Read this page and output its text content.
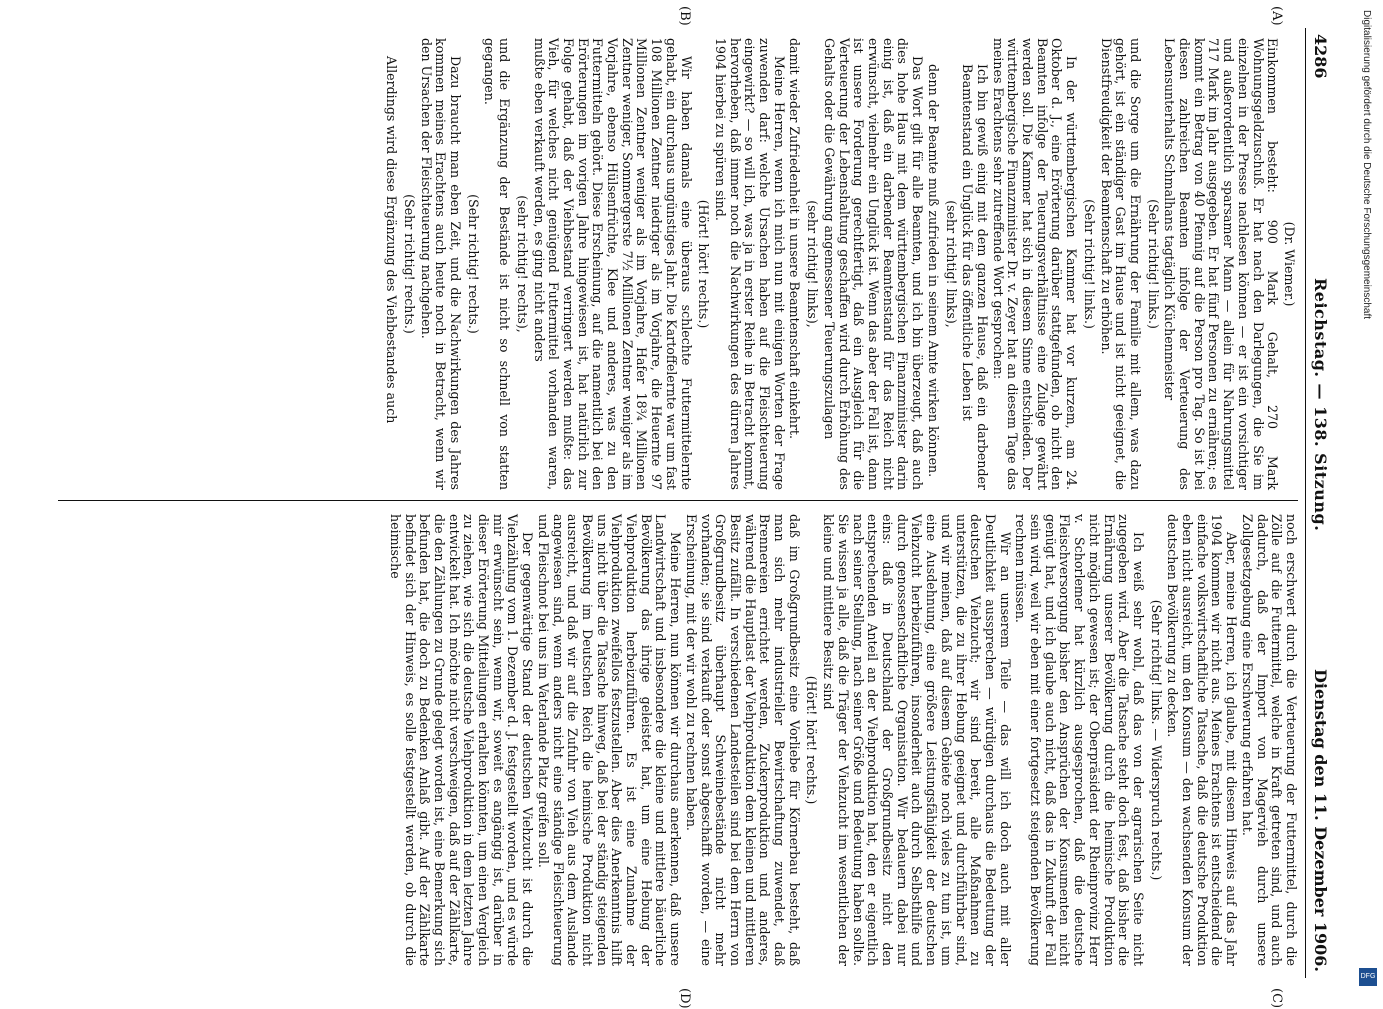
4286
Reichstag. — 138. Sitzung.
Dienstag den 11. Dezember 1906.
(A)
(B)
(C)
(D)

(Dr. Wiemer.)

Einkommen besteht: 900 Mark Gehalt, 270 Mark Wohnungsgeldzuschuß. Er hat nach den Darlegungen, die Sie im einzelnen in der Presse nachlesen können — er ist ein vorsichtiger und außerordentlich sparsamer Mann — allein für Nahrungsmittel 717 Mark im Jahr ausgegeben. Er hat fünf Personen zu ernähren; es kommt ein Betrag von 40 Pfennig auf die Person pro Tag. So ist bei diesen zahlreichen Beamten infolge der Verteuerung des Lebensunterhalts Schmalhans tagtäglich Küchenmeister

(Sehr richtig! links.)

und die Sorge um die Ernährung der Familie mit allem, was dazu gehört, ist ein ständiger Gast im Hause und ist nicht geeignet, die Dienstfreudigkeit der Beamtenschaft zu erhöhen.

(Sehr richtig! links.)

In der württembergischen Kammer hat vor kurzem, am 24. Oktober d. J., eine Erörterung darüber stattgefunden, ob nicht den Beamten infolge der Teuerungsverhältnisse eine Zulage gewährt werden soll. Die Kammer hat sich in diesem Sinne entschieden. Der württembergische Finanzminister Dr. v. Zeyer hat an diesem Tage das meines Erachtens sehr zutreffende Wort gesprochen:

Ich bin gewiß einig mit dem ganzen Hause, daß ein darbender Beamtenstand ein Unglück für das öffentliche Leben ist

(sehr richtig! links),

denn der Beamte muß zufrieden in seinem Amte wirken können.

Das Wort gilt für alle Beamten, und ich bin überzeugt, daß auch dies hohe Haus mit dem württembergischen Finanzminister darin einig ist, daß ein darbender Beamtenstand für das Reich nicht erwünscht, vielmehr ein Unglück ist. Wenn das aber der Fall ist, dann ist unsere Forderung gerechtfertigt, daß ein Ausgleich für die Verteuerung der Lebenshaltung geschaffen wird durch Erhöhung des Gehalts oder die Gewährung angemessener Teuerungszulagen

(sehr richtig! links),

damit wieder Zufriedenheit in unsere Beamtenschaft einkehrt.

Meine Herren, wenn ich mich nun mit einigen Worten der Frage zuwenden darf: welche Ursachen haben auf die Fleischteuerung eingewirkt? — so will ich, was ja in erster Reihe in Betracht kommt, hervorheben, daß immer noch die Nachwirkungen des dürren Jahres 1904 hierbei zu spüren sind.

(Hört! hört! rechts.)

Wir haben damals eine überaus schlechte Futtermittelernte gehabt, ein durchaus ungünstiges Jahr. Die Kartoffelernte war um fast 108 Millionen Zentner niedriger als im Vorjahre, die Heuernte 97 Millionen Zentner weniger als im Vorjahre, Hafer 18¾ Millionen Zentner weniger, Sommergerste 7½ Millionen Zentner weniger als im Vorjahre, ebenso Hülsenfrüchte, Klee und anderes, was zu den Futtermitteln gehört. Diese Erscheinung, auf die namentlich bei den Erörterungen im vorigen Jahre hingewiesen ist, hat natürlich zur Folge gehabt, daß der Viehbestand verringert werden mußte: das Vieh, für welches nicht genügend Futtermittel vorhanden waren, mußte eben verkauft werden, es ging nicht anders

(sehr richtig! rechts),

und die Ergänzung der Bestände ist nicht so schnell von statten gegangen.

(Sehr richtig! rechts.)

Dazu braucht man eben Zeit, und die Nachwirkungen des Jahres kommen meines Erachtens auch heute noch in Betracht, wenn wir den Ursachen der Fleischteuerung nachgehen.

(Sehr richtig! rechts.)

Allerdings wird diese Ergänzung des Viehbestandes auch

noch erschwert durch die Verteuerung der Futtermittel, durch die Zölle auf die Futtermittel, welche in Kraft getreten sind, und auch dadurch, daß der Import von Magervieh durch unsere Zollgesetzgebung eine Erschwerung erfahren hat.

Aber, meine Herren, ich glaube, mit diesem Hinweis auf das Jahr 1904 kommen wir nicht aus. Meines Erachtens ist entscheidend die einfache volkswirtschaftliche Tatsache, daß die deutsche Produktion eben nicht ausreicht, um den Konsum — den wachsenden Konsum der deutschen Bevölkerung zu decken.

(Sehr richtig! links. — Widerspruch rechts.)

Ich weiß sehr wohl, daß das von der agrarischen Seite nicht zugegeben wird. Aber die Tatsache steht doch fest, daß bisher die Ernährung unserer Bevölkerung durch die heimische Produktion nicht möglich gewesen ist; der Oberpräsident der Rheinprovinz Herr v. Schorlemer hat kürzlich ausgesprochen, daß die deutsche Fleischversorgung bisher den Ansprüchen der Konsumenten nicht genügt hat, und ich glaube auch nicht, daß das in Zukunft der Fall sein wird, weil wir eben mit einer fortgesetzt steigenden Bevölkerung rechnen müssen.

Wir an unserem Teile — das will ich doch auch mit aller Deutlichkeit aussprechen — würdigen durchaus die Bedeutung der deutschen Viehzucht; wir sind bereit, alle Maßnahmen zu unterstützen, die zu ihrer Hebung geeignet und durchführbar sind, und wir meinen, daß auf diesem Gebiete noch vieles zu tun ist, um eine Ausdehnung, eine größere Leistungsfähigkeit der deutschen Viehzucht herbeizuführen, insonderheit auch durch Selbsthilfe und durch genossenschaftliche Organisation. Wir bedauern dabei nur eins: daß in Deutschland der Großgrundbesitz nicht den entsprechenden Anteil an der Viehproduktion hat, den er eigentlich nach seiner Stellung, nach seiner Größe und Bedeutung haben sollte. Sie wissen ja alle, daß die Träger der Viehzucht im wesentlichen der kleine und mittlere Besitz sind

(Hört! hört! rechts.)

daß im Großgrundbesitz eine Vorliebe für Körnerbau besteht, daß man sich mehr industrieller Bewirtschaftung zuwendet, daß Brennereien errichtet werden, Zuckerproduktion und anderes, während die Hauptlast der Viehproduktion dem kleinen und mittleren Besitz zufällt. In verschiedenen Landesteilen sind bei dem Herrn von Großgrundbesitz überhaupt Schweinebestände nicht mehr vorhanden; sie sind verkauft oder sonst abgeschafft worden, — eine Erscheinung, mit der wir wohl zu rechnen haben.

Meine Herren, nun können wir durchaus anerkennen, daß unsere Landwirtschaft und insbesondere die kleine und mittlere bäuerliche Bevölkerung das ihrige geleistet hat, um eine Hebung der Viehproduktion herbeizuführen. Es ist eine Zunahme der Viehproduktion zweifellos festzustellen. Aber dies Anerkenntnis hilft uns nicht über die Tatsache hinweg, daß bei der ständig steigenden Bevölkerung im Deutschen Reich die heimische Produktion nicht ausreicht, und daß wir auf die Zufuhr von Vieh aus dem Auslande angewiesen sind, wenn anders nicht eine ständige Fleischteuerung und Fleischnot bei uns im Vaterlande Platz greifen soll.

Der gegenwärtige Stand der deutschen Viehzucht ist durch die Viehzählung vom 1. Dezember d. J. festgestellt worden, und es würde mir erwünscht sein, wenn wir, soweit es angängig ist, darüber in dieser Erörterung Mitteilungen erhalten könnten, um einen Vergleich zu ziehen, wie sich die deutsche Viehproduktion in dem letzten Jahre entwickelt hat. Ich möchte nicht verschweigen, daß auf der Zählkarte, die den Zählungen zu Grunde gelegt worden ist, eine Bemerkung sich befunden hat, die doch zu Bedenken Anlaß gibt. Auf der Zählkarte befindet sich der Hinweis, es solle festgestellt werden, ob durch die heimische

Digitalisierung gefördert durch die Deutsche Forschungsgemeinschaft
DFG
